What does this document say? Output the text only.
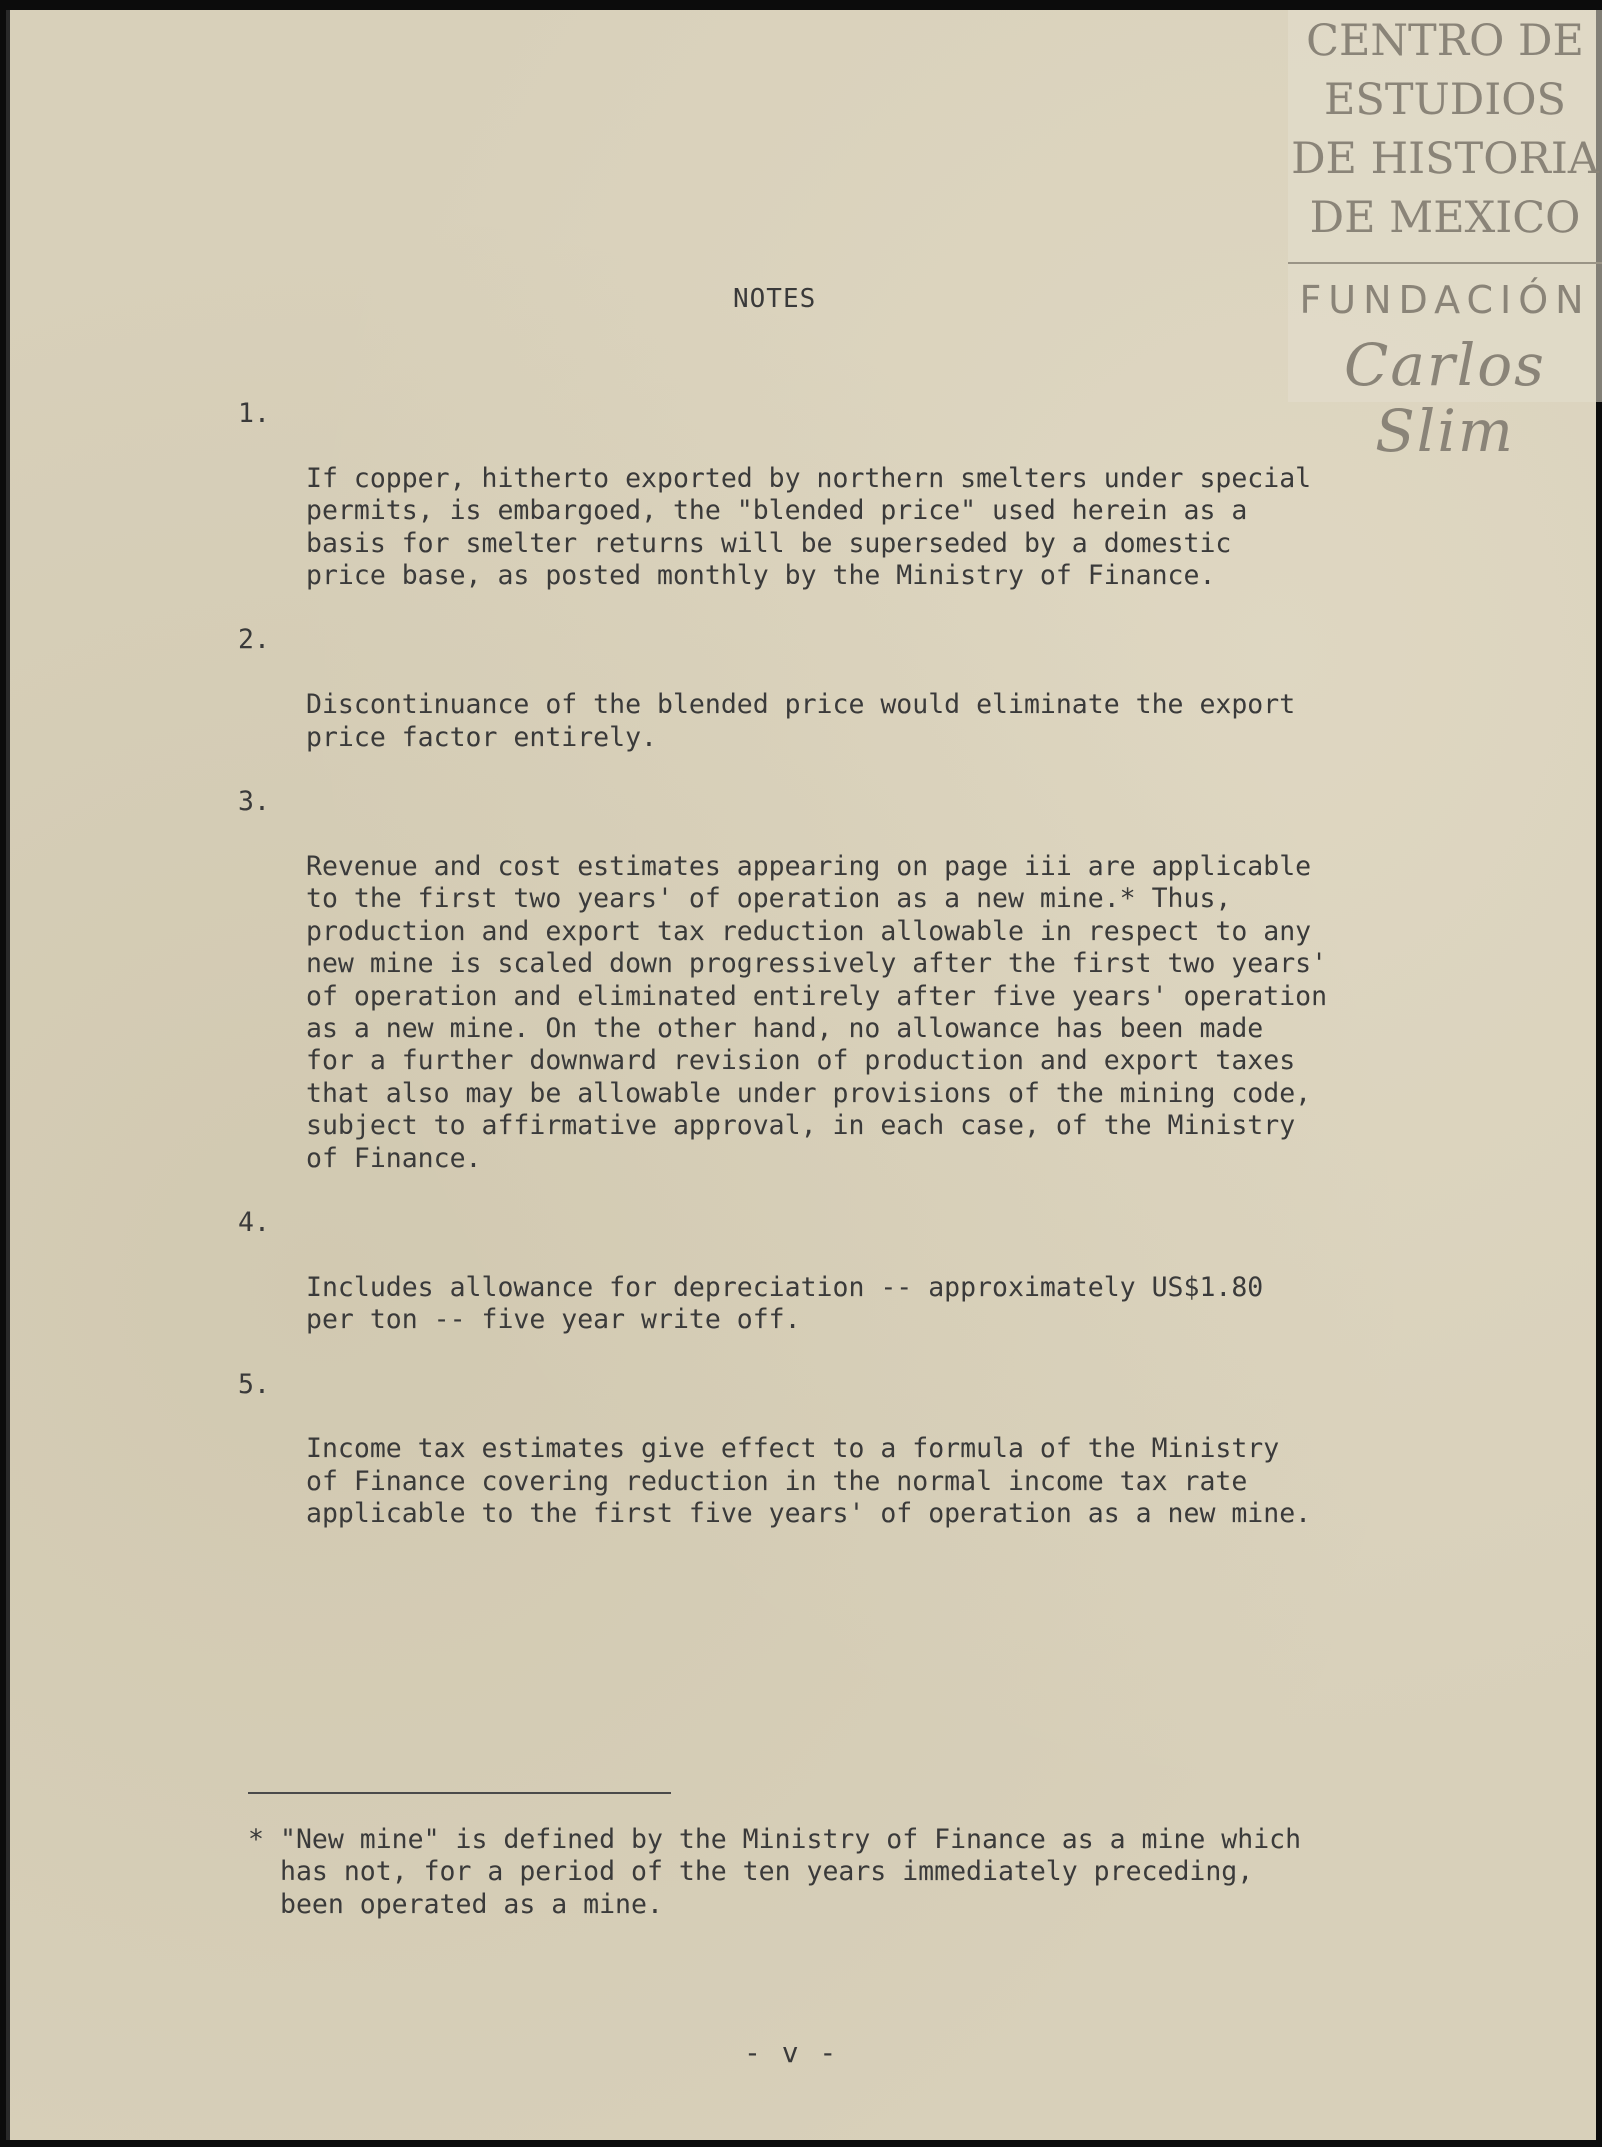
CENTRO DE
ESTUDIOS
DE HISTORIA
DE MEXICO
FUNDACIÓN
Carlos Slim
NOTES

1.

If copper, hitherto exported by northern smelters under special
permits, is embargoed, the "blended price" used herein as a
basis for smelter returns will be superseded by a domestic
price base, as posted monthly by the Ministry of Finance.

2.

Discontinuance of the blended price would eliminate the export
price factor entirely.

3.

Revenue and cost estimates appearing on page iii are applicable
to the first two years' of operation as a new mine.* Thus,
production and export tax reduction allowable in respect to any
new mine is scaled down progressively after the first two years'
of operation and eliminated entirely after five years' operation
as a new mine. On the other hand, no allowance has been made
for a further downward revision of production and export taxes
that also may be allowable under provisions of the mining code,
subject to affirmative approval, in each case, of the Ministry
of Finance.

4.

Includes allowance for depreciation -- approximately US$1.80
per ton -- five year write off.

5.

Income tax estimates give effect to a formula of the Ministry
of Finance covering reduction in the normal income tax rate
applicable to the first five years' of operation as a new mine.

* "New mine" is defined by the Ministry of Finance as a mine which
has not, for a period of the ten years immediately preceding,
been operated as a mine.
- v -
